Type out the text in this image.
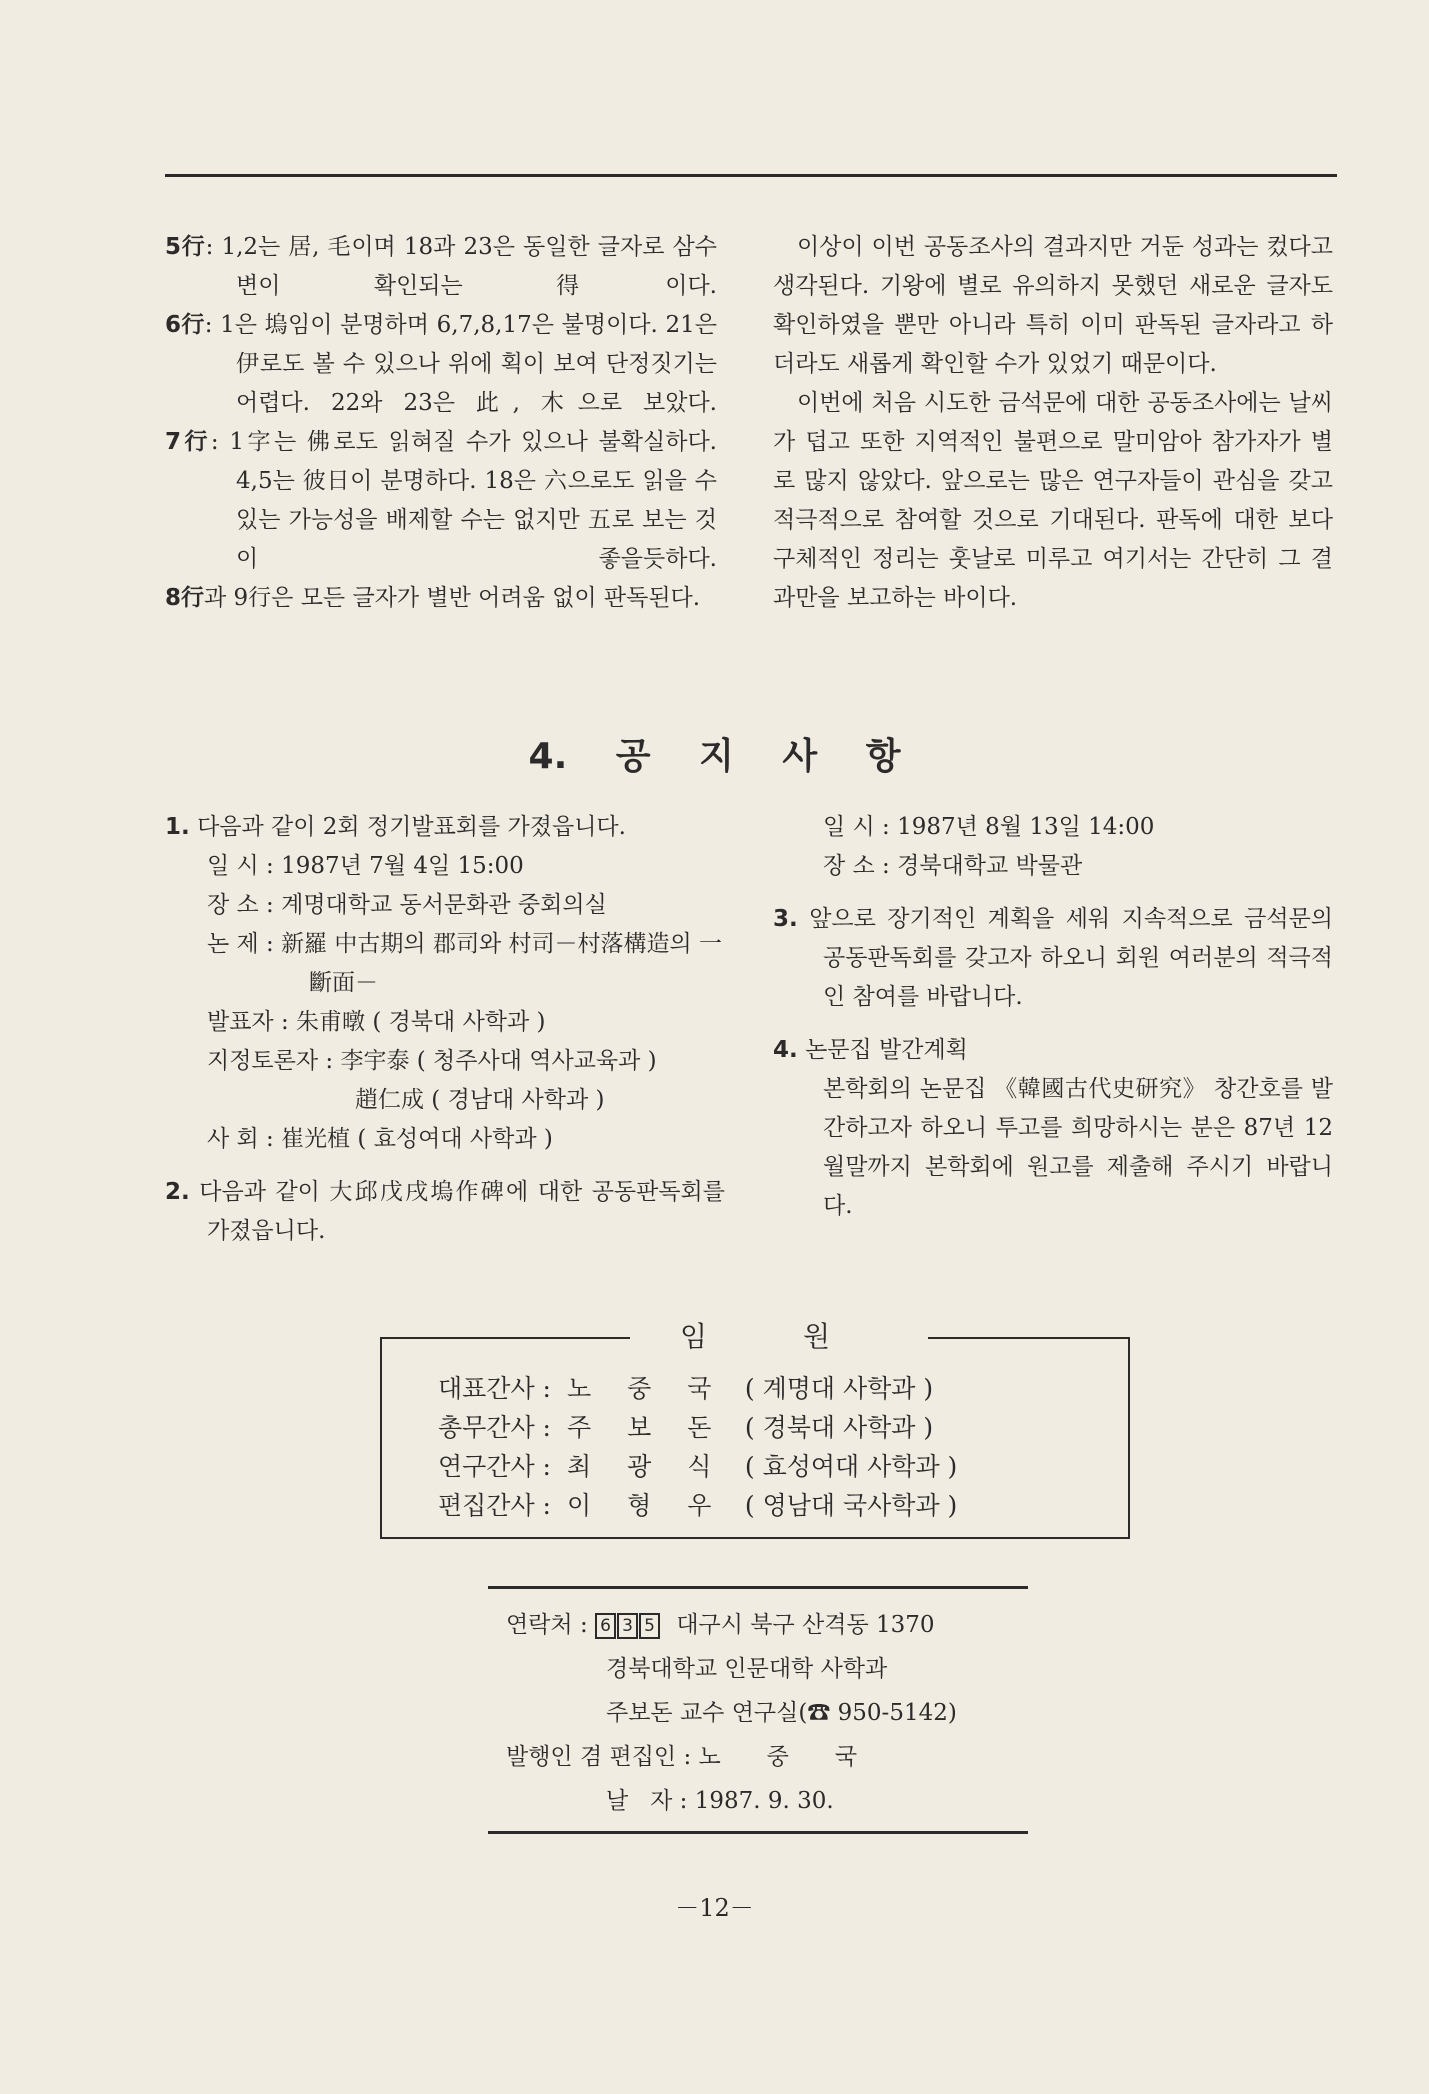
5行: 1,2는 居, 毛이며 18과 23은 동일한 글자로 삼수변이 확인되는 得이다.

6行: 1은 塢임이 분명하며 6,7,8,17은 불명이다. 21은 伊로도 볼 수 있으나 위에 획이 보여 단정짓기는 어렵다. 22와 23은 此, 木으로 보았다.

7行: 1字는 佛로도 읽혀질 수가 있으나 불확실하다. 4,5는 彼日이 분명하다. 18은 六으로도 읽을 수 있는 가능성을 배제할 수는 없지만 五로 보는 것이 좋을듯하다.

8行과 9行은 모든 글자가 별반 어려움 없이 판독된다.

이상이 이번 공동조사의 결과지만 거둔 성과는 컸다고 생각된다. 기왕에 별로 유의하지 못했던 새로운 글자도 확인하였을 뿐만 아니라 특히 이미 판독된 글자라고 하더라도 새롭게 확인할 수가 있었기 때문이다.

이번에 처음 시도한 금석문에 대한 공동조사에는 날씨가 덥고 또한 지역적인 불편으로 말미암아 참가자가 별로 많지 않았다. 앞으로는 많은 연구자들이 관심을 갖고 적극적으로 참여할 것으로 기대된다. 판독에 대한 보다 구체적인 정리는 훗날로 미루고 여기서는 간단히 그 결과만을 보고하는 바이다.

4. 공 지 사 항

1. 다음과 같이 2회 정기발표회를 가졌읍니다.

일 시 : 1987년 7월 4일 15:00

장 소 : 계명대학교 동서문화관 중회의실

논 제 : 新羅 中古期의 郡司와 村司－村落構造의 一斷面－

발표자 : 朱甫暾 ( 경북대 사학과 )

지정토론자 : 李宇泰 ( 청주사대 역사교육과 )

趙仁成 ( 경남대 사학과 )

사 회 : 崔光植 ( 효성여대 사학과 )

2. 다음과 같이 大邱戊戌塢作碑에 대한 공동판독회를 가졌읍니다.

일 시 : 1987년 8월 13일 14:00

장 소 : 경북대학교 박물관

3. 앞으로 장기적인 계획을 세워 지속적으로 금석문의 공동판독회를 갖고자 하오니 회원 여러분의 적극적인 참여를 바랍니다.

4. 논문집 발간계획

본학회의 논문집 《韓國古代史研究》 창간호를 발간하고자 하오니 투고를 희망하시는 분은 87년 12월말까지 본학회에 원고를 제출해 주시기 바랍니다.

임원
대표간사 : 노중국 ( 계명대 사학과 )
총무간사 : 주보돈 ( 경북대 사학과 )
연구간사 : 최광식 ( 효성여대 사학과 )
편집간사 : 이형우 ( 영남대 국사학과 )
연락처 : 6 3 5 대구시 북구 산격동 1370
경북대학교 인문대학 사학과
주보돈 교수 연구실(☎ 950-5142)
발행인 겸 편집인 : 노   중   국
날   자 : 1987. 9. 30.
－12－
